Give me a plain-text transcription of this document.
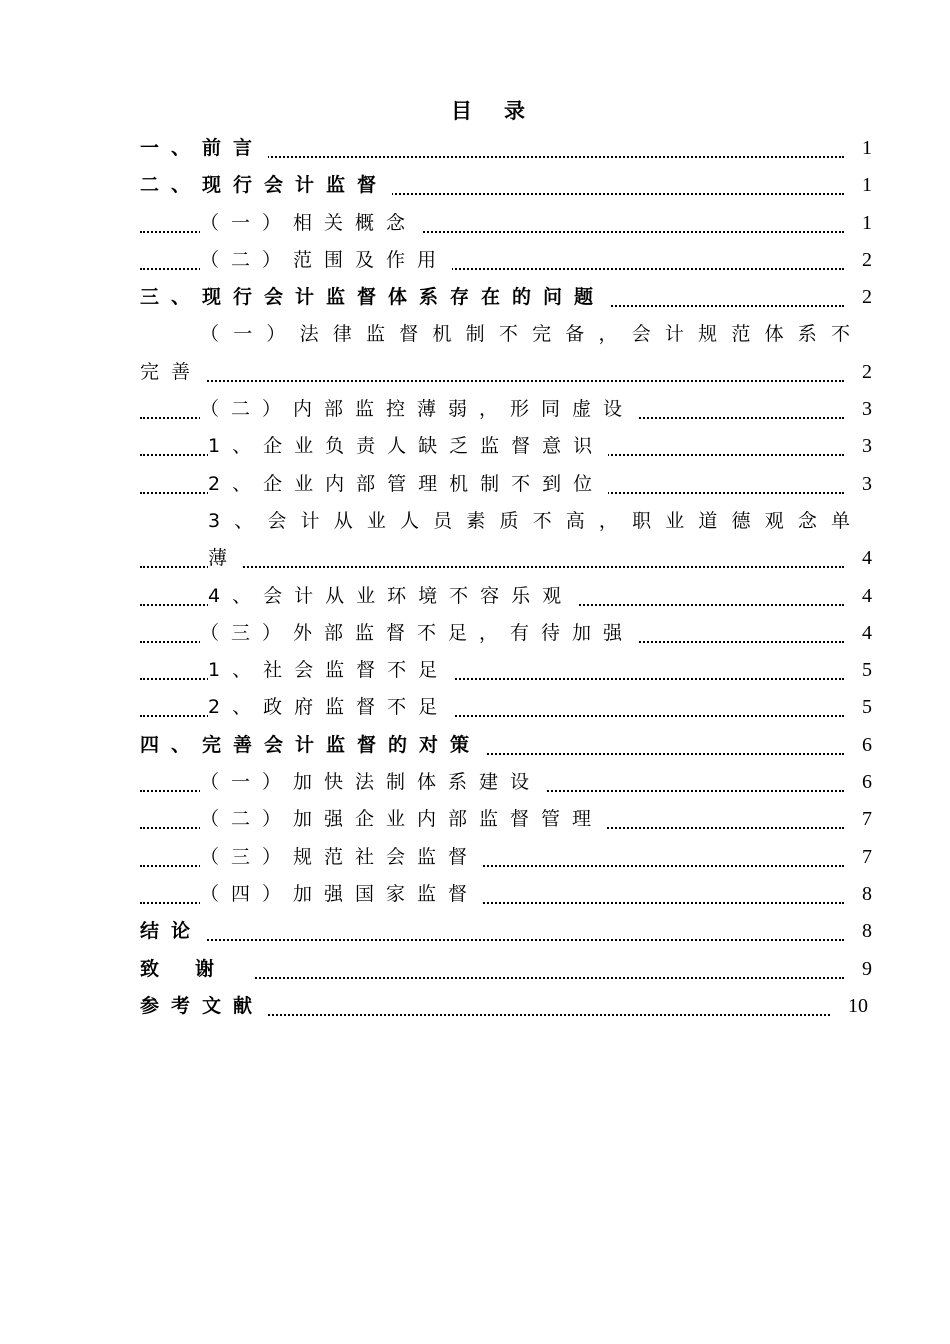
目录
一、前言	1
二、现行会计监督	1
（一）相关概念	1
（二）范围及作用	2
三、现行会计监督体系存在的问题	2
（一）法律监督机制不完备，会计规范体系不
完善	2
（二）内部监控薄弱，形同虚设	3
1、企业负责人缺乏监督意识	3
2、企业内部管理机制不到位	3
3、会计从业人员素质不高，职业道德观念单
薄	4
4、会计从业环境不容乐观	4
（三）外部监督不足，有待加强	4
1、社会监督不足	5
2、政府监督不足	5
四、完善会计监督的对策	6
（一）加快法制体系建设	6
（二）加强企业内部监督管理	7
（三）规范社会监督	7
（四）加强国家监督	8
结论	8
致谢	9
参考文献	10
